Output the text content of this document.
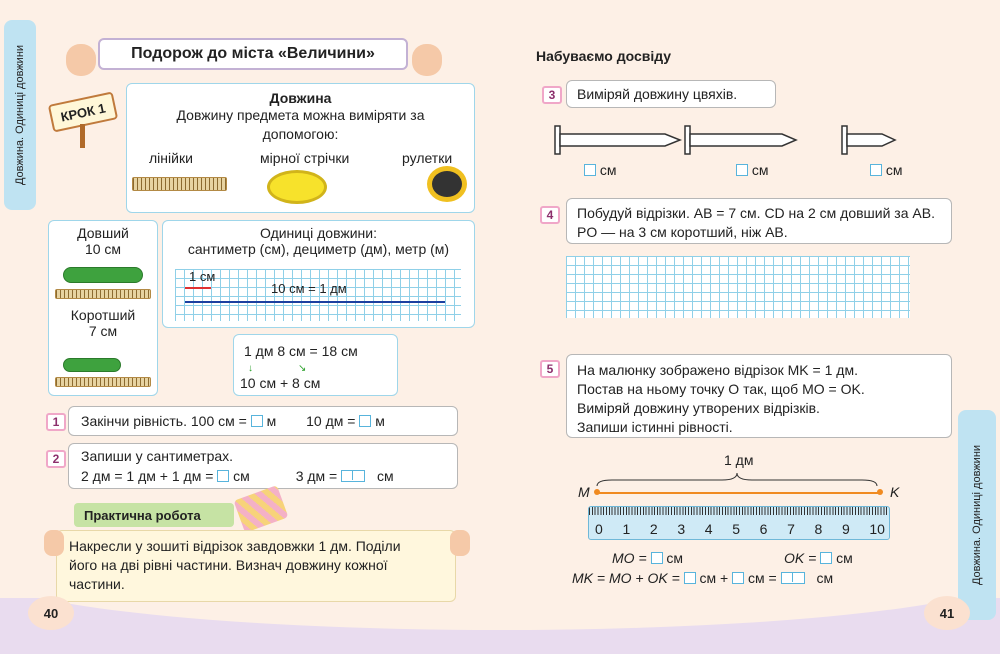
Довжина. Одиниці довжини	Подорож до міста «Величини»
КРОК 1
Довжина
Довжину предмета можна виміряти за допомогою:
лінійки	мірної стрічки	рулетки
Довший
10 см
Коротший
7 см
Одиниці довжини:
сантиметр (см), дециметр (дм), метр (м)
1 см
10 см = 1 дм
1 дм 8 см = 18 см
10 см + 8 см
↓	↘
1 Закінчи рівність. 100 см = м 10 дм = м
2 Запиши у сантиметрах.
2 дм = 1 дм + 1 дм = см	3 дм =	см
Практична робота
Накресли у зошиті відрізок завдовжки 1 дм. Поділи його на дві рівні частини. Визнач довжину кожної частини.
40
Набуваємо досвіду
3 Виміряй довжину цвяхів.
см	см	см
4 Побудуй відрізки. AB = 7 см. CD на 2 см довший за AB. PO — на 3 см коротший, ніж AB.
5 На малюнку зображено відрізок MK = 1 дм.
Постав на ньому точку O так, щоб MO = OK.
Виміряй довжину утворених відрізків.
Запиши істинні рівності.
1 дм
M	K
0 1 2 3 4 5 6 7 8 9 10
MO = см	OK = см
MK = MO + OK = см + см =	см	Довжина. Одиниці довжини
41
